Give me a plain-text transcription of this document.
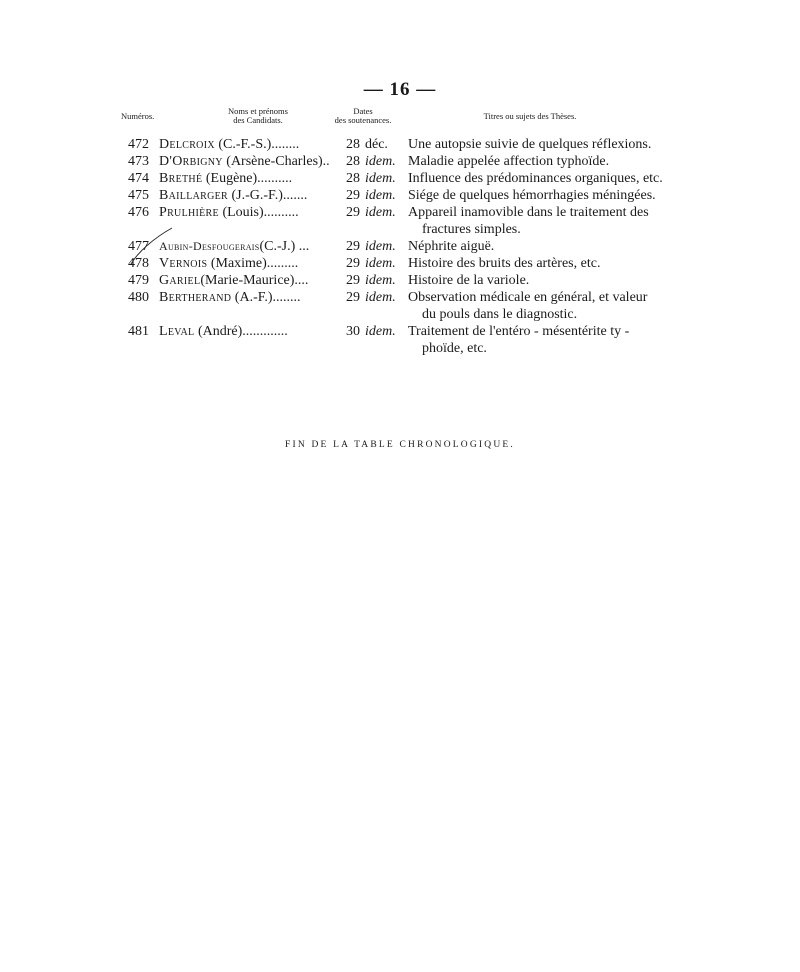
— 16 —
Numéros.	Noms et prénoms
des Candidats.
Dates
des soutenances.	Titres ou sujets des Thèses.
472 Delcroix (C.-F.-S.)........	28 déc.	Une autopsie suivie de quelques réflexions.
473 D'Orbigny (Arsène-Charles)..	28 idem. Maladie appelée affection typhoïde.
474 Brethé (Eugène)..........	28 idem. Influence des prédominances organiques, etc.
475 Baillarger (J.-G.-F.).......	29 idem. Siége de quelques hémorrhagies méningées.
476 Prulhière (Louis)..........	29 idem. Appareil inamovible dans le traitement des
fractures simples.
477 Aubin-Desfougerais(C.-J.) ...	29 idem. Néphrite aiguë.
478 Vernois (Maxime).........	29 idem. Histoire des bruits des artères, etc.
479 Gariel(Marie-Maurice)....	29 idem. Histoire de la variole.
480 Bertherand (A.-F.)........	29 idem. Observation médicale en général, et valeur
du pouls dans le diagnostic.
481 Leval (André).............	30 idem. Traitement de l'entéro - mésentérite ty -
phoïde, etc.
FIN DE LA TABLE CHRONOLOGIQUE.
